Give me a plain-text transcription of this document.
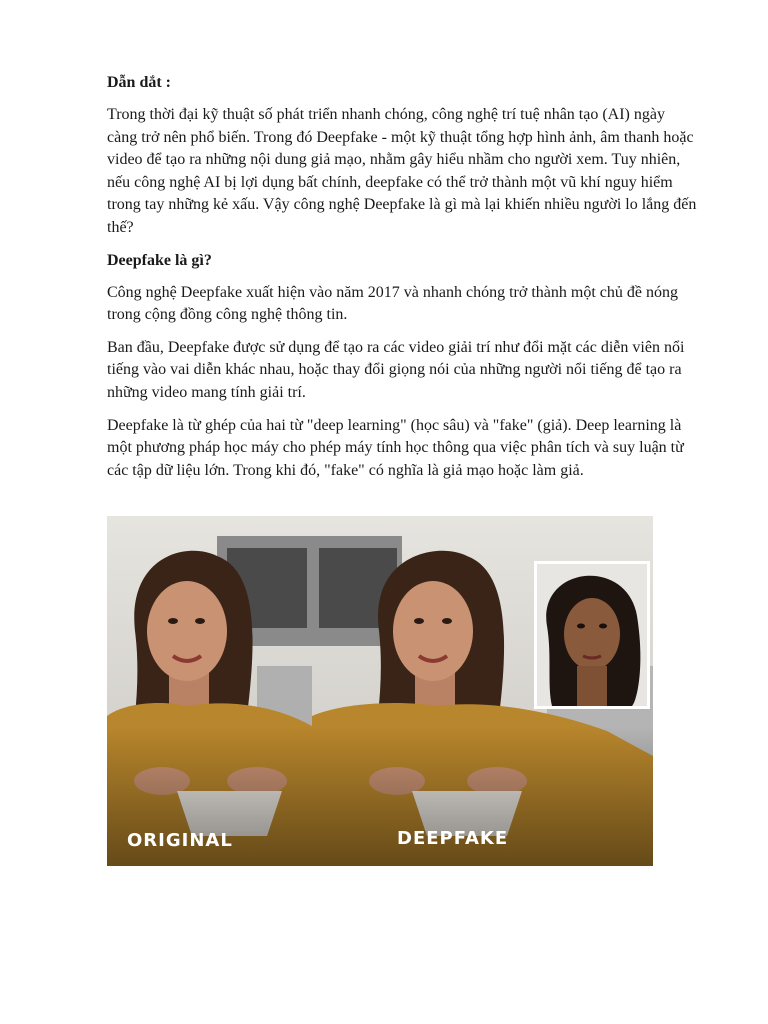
Dẫn dắt :

Trong thời đại kỹ thuật số phát triển nhanh chóng, công nghệ trí tuệ nhân tạo (AI) ngày càng trở nên phổ biến. Trong đó Deepfake - một kỹ thuật tổng hợp hình ảnh, âm thanh hoặc video để tạo ra những nội dung giả mạo, nhằm gây hiểu nhầm cho người xem. Tuy nhiên, nếu công nghệ AI bị lợi dụng bất chính, deepfake có thể trở thành một vũ khí nguy hiểm trong tay những kẻ xấu. Vậy công nghệ Deepfake là gì mà lại khiến nhiều người lo lắng đến thế?

Deepfake là gì?

Công nghệ Deepfake xuất hiện vào năm 2017 và nhanh chóng trở thành một chủ đề nóng trong cộng đồng công nghệ thông tin.

Ban đầu, Deepfake được sử dụng để tạo ra các video giải trí như đổi mặt các diễn viên nổi tiếng vào vai diễn khác nhau, hoặc thay đổi giọng nói của những người nổi tiếng để tạo ra những video mang tính giải trí.

Deepfake là từ ghép của hai từ "deep learning" (học sâu) và "fake" (giả). Deep learning là một phương pháp học máy cho phép máy tính học thông qua việc phân tích và suy luận từ các tập dữ liệu lớn. Trong khi đó, "fake" có nghĩa là giả mạo hoặc làm giả.

ORIGINAL	DEEPFAKE
